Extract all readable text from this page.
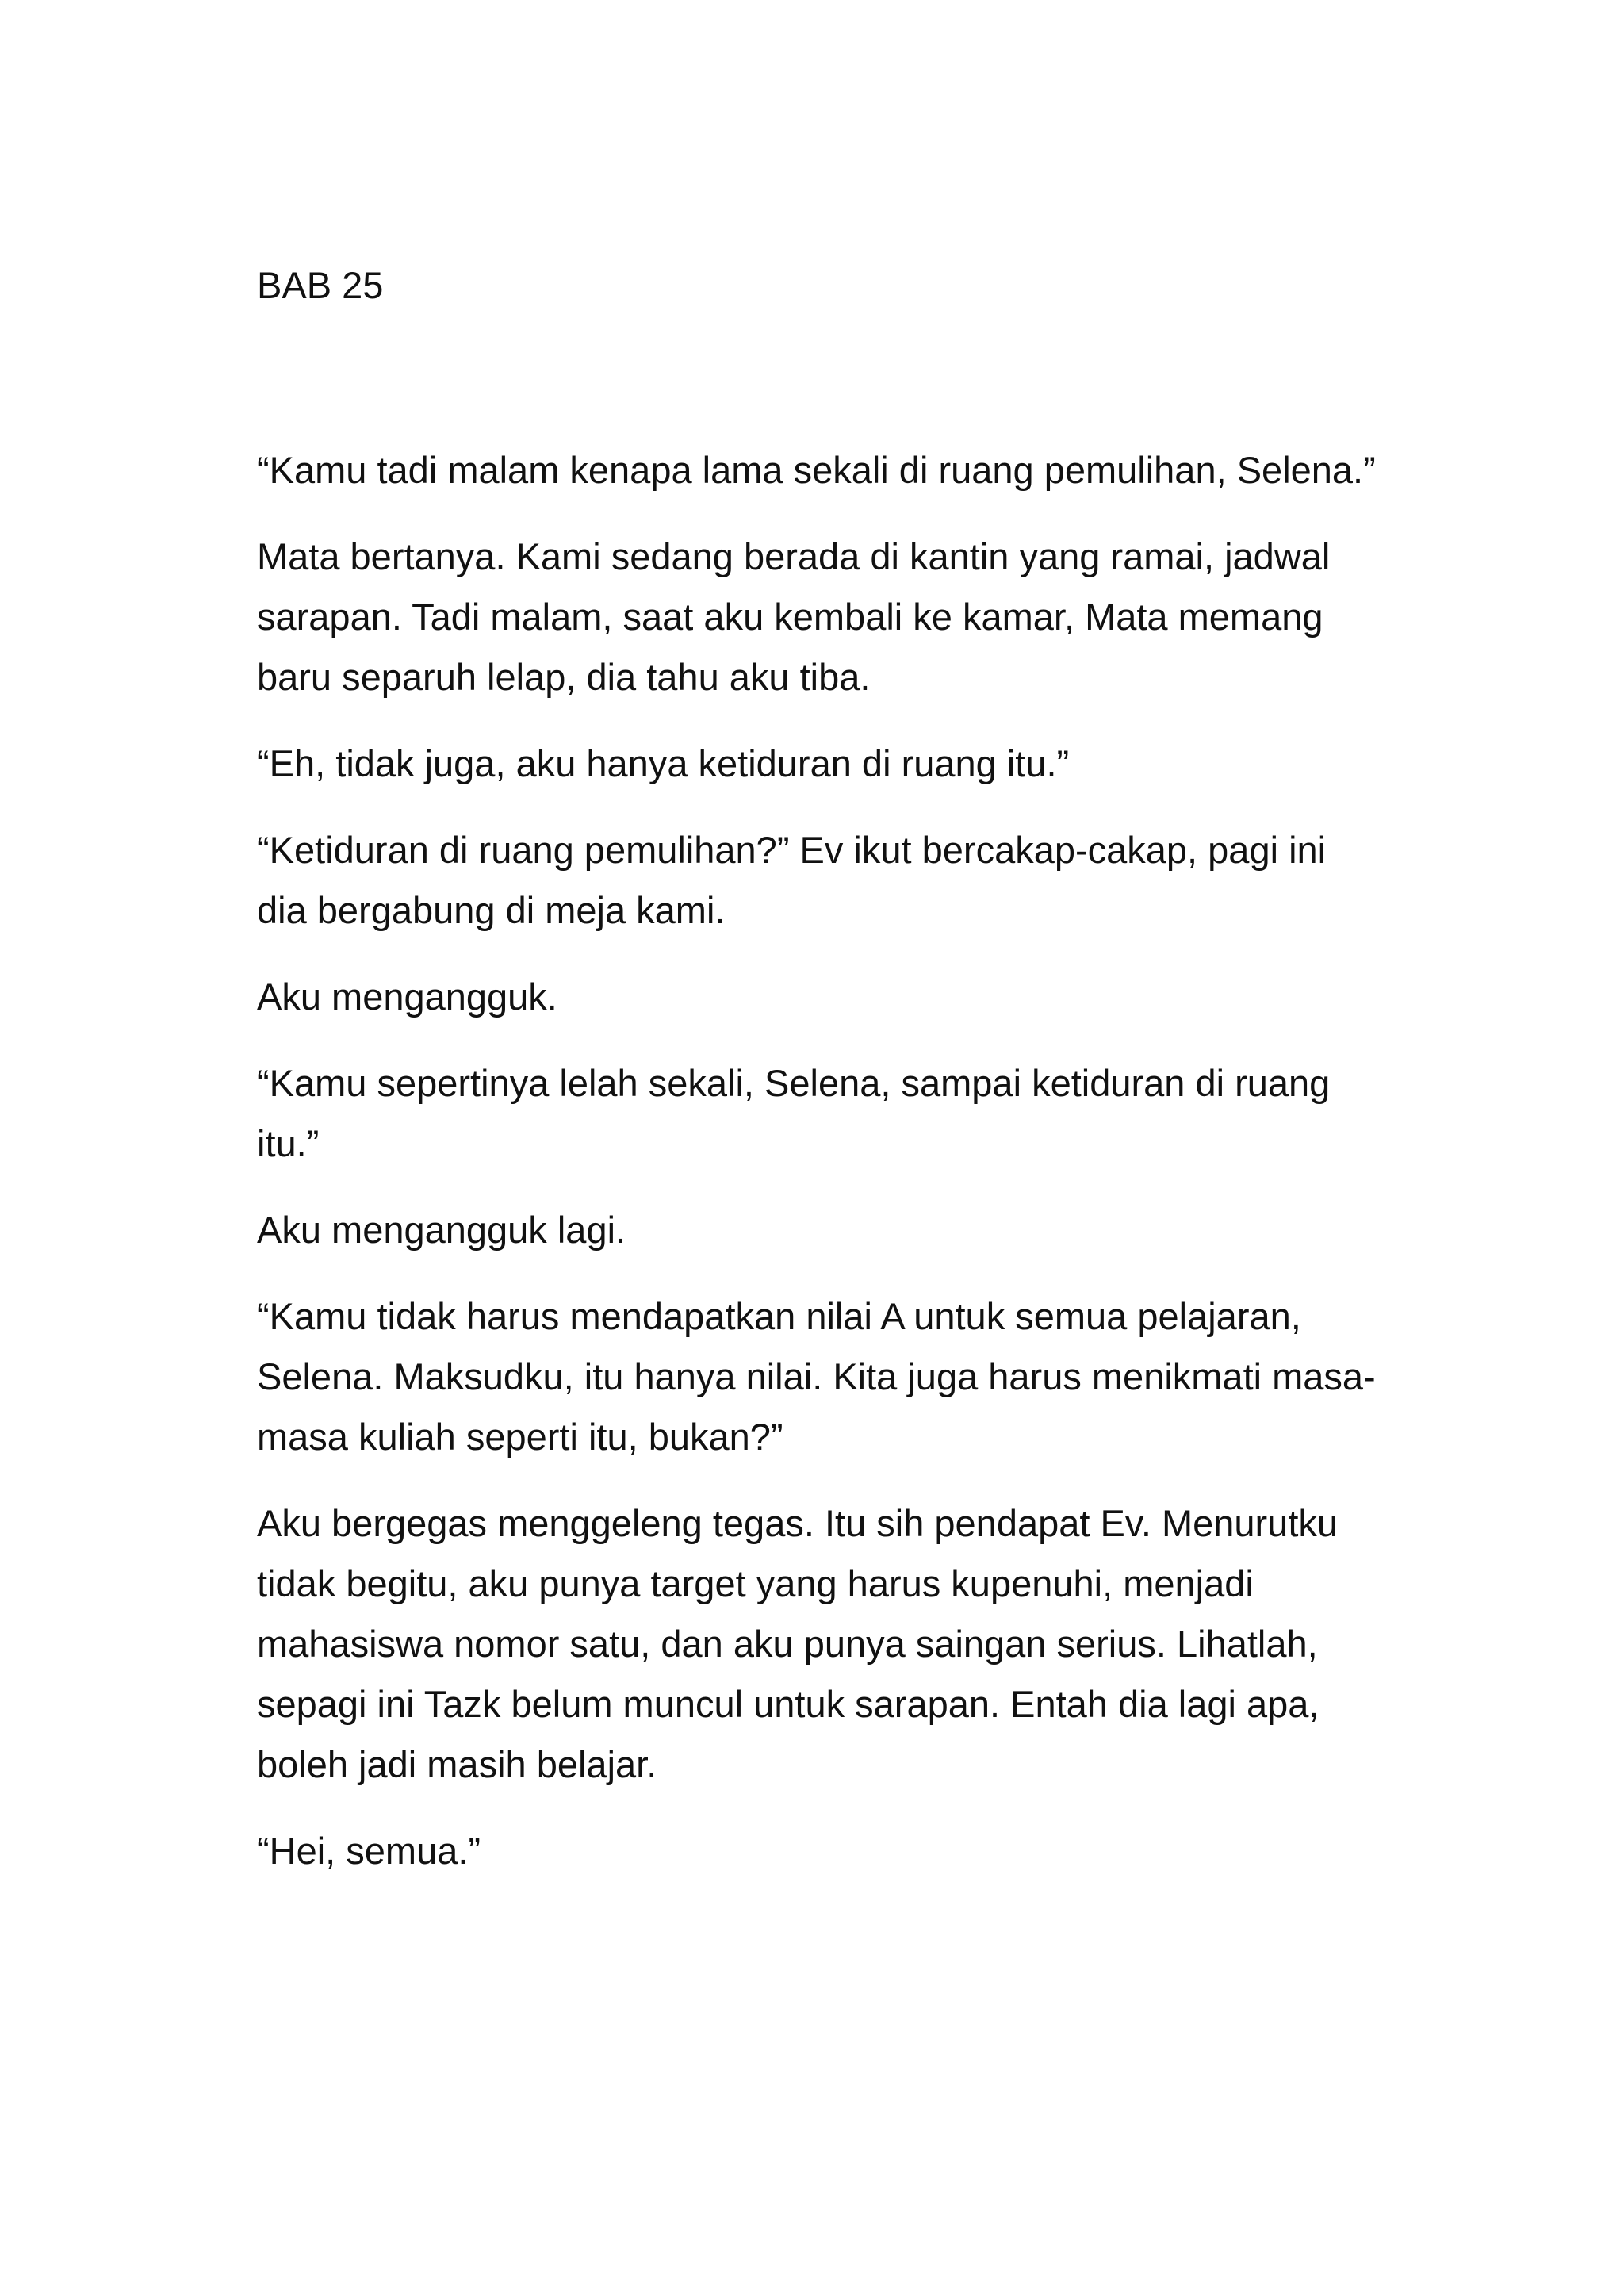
BAB 25

“Kamu tadi malam kenapa lama sekali di ruang pemulihan, Selena.”

Mata bertanya. Kami sedang berada di kantin yang ramai, jadwal sarapan. Tadi malam, saat aku kembali ke kamar, Mata memang baru separuh lelap, dia tahu aku tiba.

“Eh, tidak juga, aku hanya ketiduran di ruang itu.”

“Ketiduran di ruang pemulihan?” Ev ikut bercakap-cakap, pagi ini dia bergabung di meja kami.

Aku mengangguk.

“Kamu sepertinya lelah sekali, Selena, sampai ketiduran di ruang itu.”

Aku mengangguk lagi.

“Kamu tidak harus mendapatkan nilai A untuk semua pelajaran, Selena. Maksudku, itu hanya nilai. Kita juga harus menikmati masa-masa kuliah seperti itu, bukan?”

Aku bergegas menggeleng tegas. Itu sih pendapat Ev. Menurutku tidak begitu, aku punya target yang harus kupenuhi, menjadi mahasiswa nomor satu, dan aku punya saingan serius. Lihatlah, sepagi ini Tazk belum muncul untuk sarapan. Entah dia lagi apa, boleh jadi masih belajar.

“Hei, semua.”
